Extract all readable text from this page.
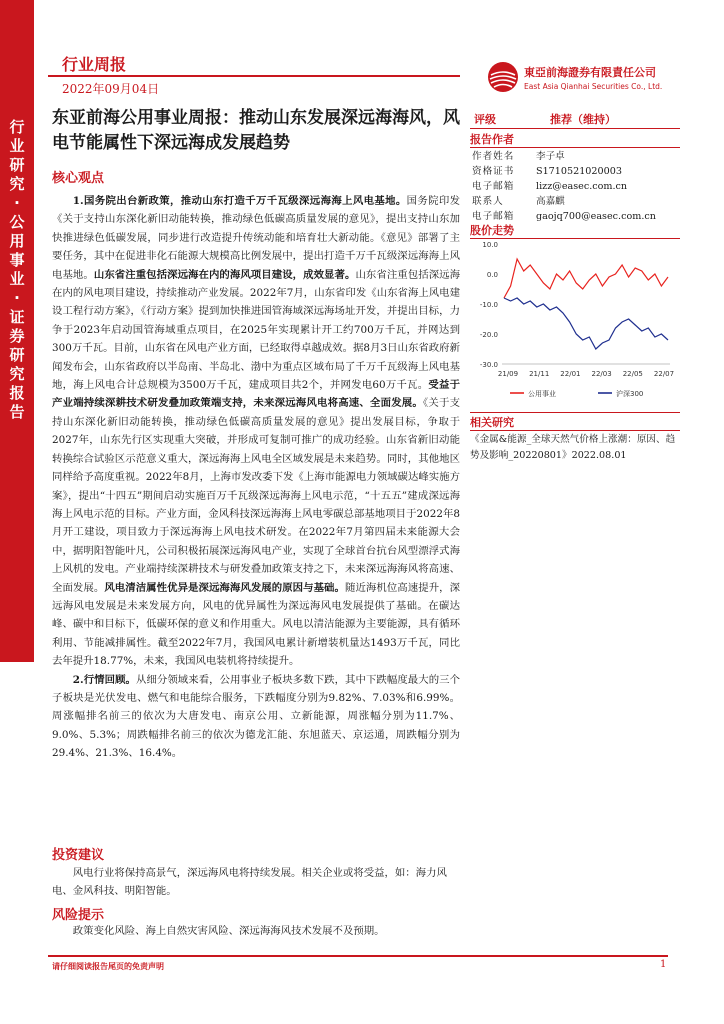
行业研究·公用事业·证券研究报告
行业周报
2022年09月04日
東亞前海證券有限責任公司
East Asia Qianhai Securities Co., Ltd.
东亚前海公用事业周报：推动山东发展深远海海风，风电节能属性下深远海成发展趋势
核心观点

1.国务院出台新政策，推动山东打造千万千瓦级深远海海上风电基地。国务院印发《关于支持山东深化新旧动能转换，推动绿色低碳高质量发展的意见》，提出支持山东加快推进绿色低碳发展，同步进行改造提升传统动能和培育壮大新动能。《意见》部署了主要任务，其中在促进非化石能源大规模高比例发展中，提出打造千万千瓦级深远海海上风电基地。山东省注重包括深远海在内的海风项目建设，成效显著。山东省注重包括深远海在内的风电项目建设，持续推动产业发展。2022年7月，山东省印发《山东省海上风电建设工程行动方案》，《行动方案》提到加快推进国管海域深远海场址开发，并提出目标，力争于2023年启动国管海域重点项目，在2025年实现累计开工约700万千瓦，并网达到300万千瓦。目前，山东省在风电产业方面，已经取得卓越成效。据8月3日山东省政府新闻发布会，山东省政府以半岛南、半岛北、渤中为重点区域布局了千万千瓦级海上风电基地，海上风电合计总规模为3500万千瓦，建成项目共2个，并网发电60万千瓦。受益于产业端持续深耕技术研发叠加政策端支持，未来深远海风电将高速、全面发展。《关于支持山东深化新旧动能转换，推动绿色低碳高质量发展的意见》提出发展目标，争取于2027年，山东先行区实现重大突破，并形成可复制可推广的成功经验。山东省新旧动能转换综合试验区示范意义重大，深远海海上风电全区域发展是未来趋势。同时，其他地区同样给予高度重视。2022年8月，上海市发改委下发《上海市能源电力领域碳达峰实施方案》，提出“十四五”期间启动实施百万千瓦级深远海海上风电示范，“十五五”建成深远海海上风电示范的目标。产业方面，金风科技深远海海上风电零碳总部基地项目于2022年8月开工建设，项目致力于深远海海上风电技术研发。在2022年7月第四届未来能源大会中，据明阳智能叶凡，公司积极拓展深远海风电产业，实现了全球首台抗台风型漂浮式海上风机的发电。产业端持续深耕技术与研发叠加政策支持之下，未来深远海海风将高速、全面发展。风电清洁属性优异是深远海海风发展的原因与基础。随近海机位高速提升，深远海风电发展是未来发展方向，风电的优异属性为深远海风电发展提供了基础。在碳达峰、碳中和目标下，低碳环保的意义和作用重大。风电以清洁能源为主要能源，具有循环利用、节能减排属性。截至2022年7月，我国风电累计新增装机量达1493万千瓦，同比去年提升18.77%，未来，我国风电装机将持续提升。

2.行情回顾。从细分领域来看，公用事业子板块多数下跌，其中下跌幅度最大的三个子板块是光伏发电、燃气和电能综合服务，下跌幅度分别为9.82%、7.03%和6.99%。周涨幅排名前三的依次为大唐发电、南京公用、立新能源，周涨幅分别为11.7%、9.0%、5.3%；周跌幅排名前三的依次为德龙汇能、东旭蓝天、京运通，周跌幅分别为29.4%、21.3%、16.4%。

投资建议
风电行业将保持高景气，深远海风电将持续发展。相关企业或将受益，如：海力风电、金风科技、明阳智能。
风险提示
政策变化风险、海上自然灾害风险、深远海海风技术发展不及预期。
评级	推荐（维持）
报告作者
作者姓名 李子卓
资格证书 S1710521020003
电子邮箱 lizz@easec.com.cn
联系人	高嘉麒
电子邮箱 gaojq700@easec.com.cn
股价走势
10.0
0.0
-10.0
-20.0
-30.0
21/09 21/11 22/01 22/03 22/05 22/07
公用事业	沪深300
相关研究
《金属&能源_全球天然气价格上涨潮：原因、趋势及影响_20220801》2022.08.01
请仔细阅读报告尾页的免责声明	1
